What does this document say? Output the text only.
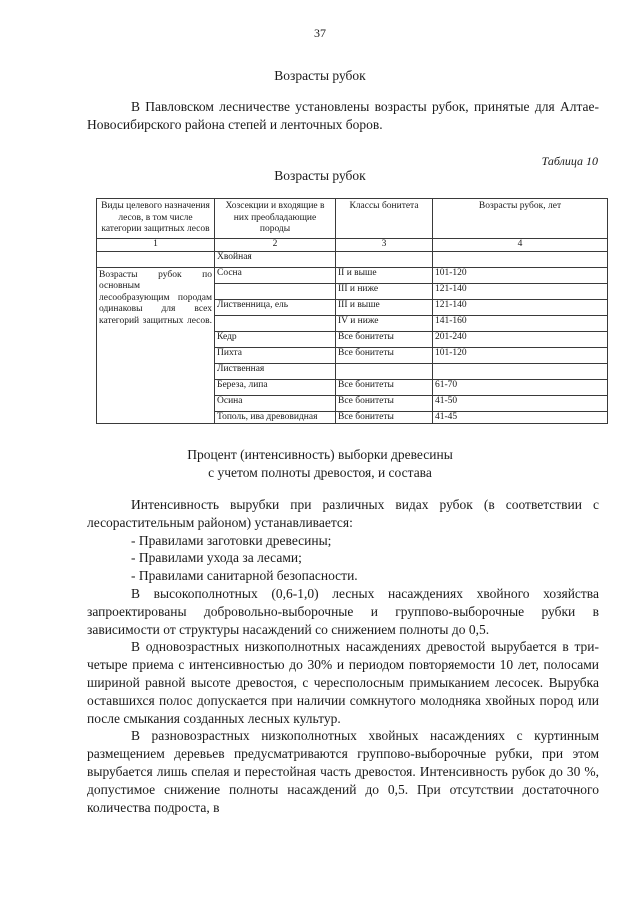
37
Возрасты рубок
В Павловском лесничестве установлены возрасты рубок, принятые для Алтае-Новосибирского района степей и ленточных боров.
Таблица 10
Возрасты рубок
Виды целевого назначения лесов, в том числе категории защитных лесов	Хозсекции и входящие в них преобладающие породы	Классы бонитета	Возрасты рубок, лет
1	2	3	4
	Хвойная		
Возрасты рубок по основным лесообразующим породам одинаковы для всех категорий защитных лесов.	Сосна	II и выше	101-120
		III и ниже	121-140
	Лиственница, ель	III и выше	121-140
		IV и ниже	141-160
	Кедр	Все бонитеты	201-240
	Пихта	Все бонитеты	101-120
	Лиственная		
	Береза, липа	Все бонитеты	61-70
	Осина	Все бонитеты	41-50
	Тополь, ива древовидная	Все бонитеты	41-45
Процент (интенсивность) выборки древесины
с учетом полноты древостоя, и состава

Интенсивность вырубки при различных видах рубок (в соответствии с лесорастительным районом) устанавливается:

- Правилами заготовки древесины;

- Правилами ухода за лесами;

- Правилами санитарной безопасности.

В высокополнотных (0,6-1,0) лесных насаждениях хвойного хозяйства запроектированы добровольно-выборочные и группово-выборочные рубки в зависимости от структуры насаждений со снижением полноты до 0,5.

В одновозрастных низкополнотных насаждениях древостой вырубается в три-четыре приема с интенсивностью до 30% и периодом повторяемости 10 лет, полосами шириной равной высоте древостоя, с чересполосным примыканием лесосек. Вырубка оставшихся полос допускается при наличии сомкнутого молодняка хвойных пород или после смыкания созданных лесных культур.

В разновозрастных низкополнотных хвойных насаждениях с куртинным размещением деревьев предусматриваются группово-выборочные рубки, при этом вырубается лишь спелая и перестойная часть древостоя. Интенсивность рубок до 30 %, допустимое снижение полноты насаждений до 0,5. При отсутствии достаточного количества подроста, в
